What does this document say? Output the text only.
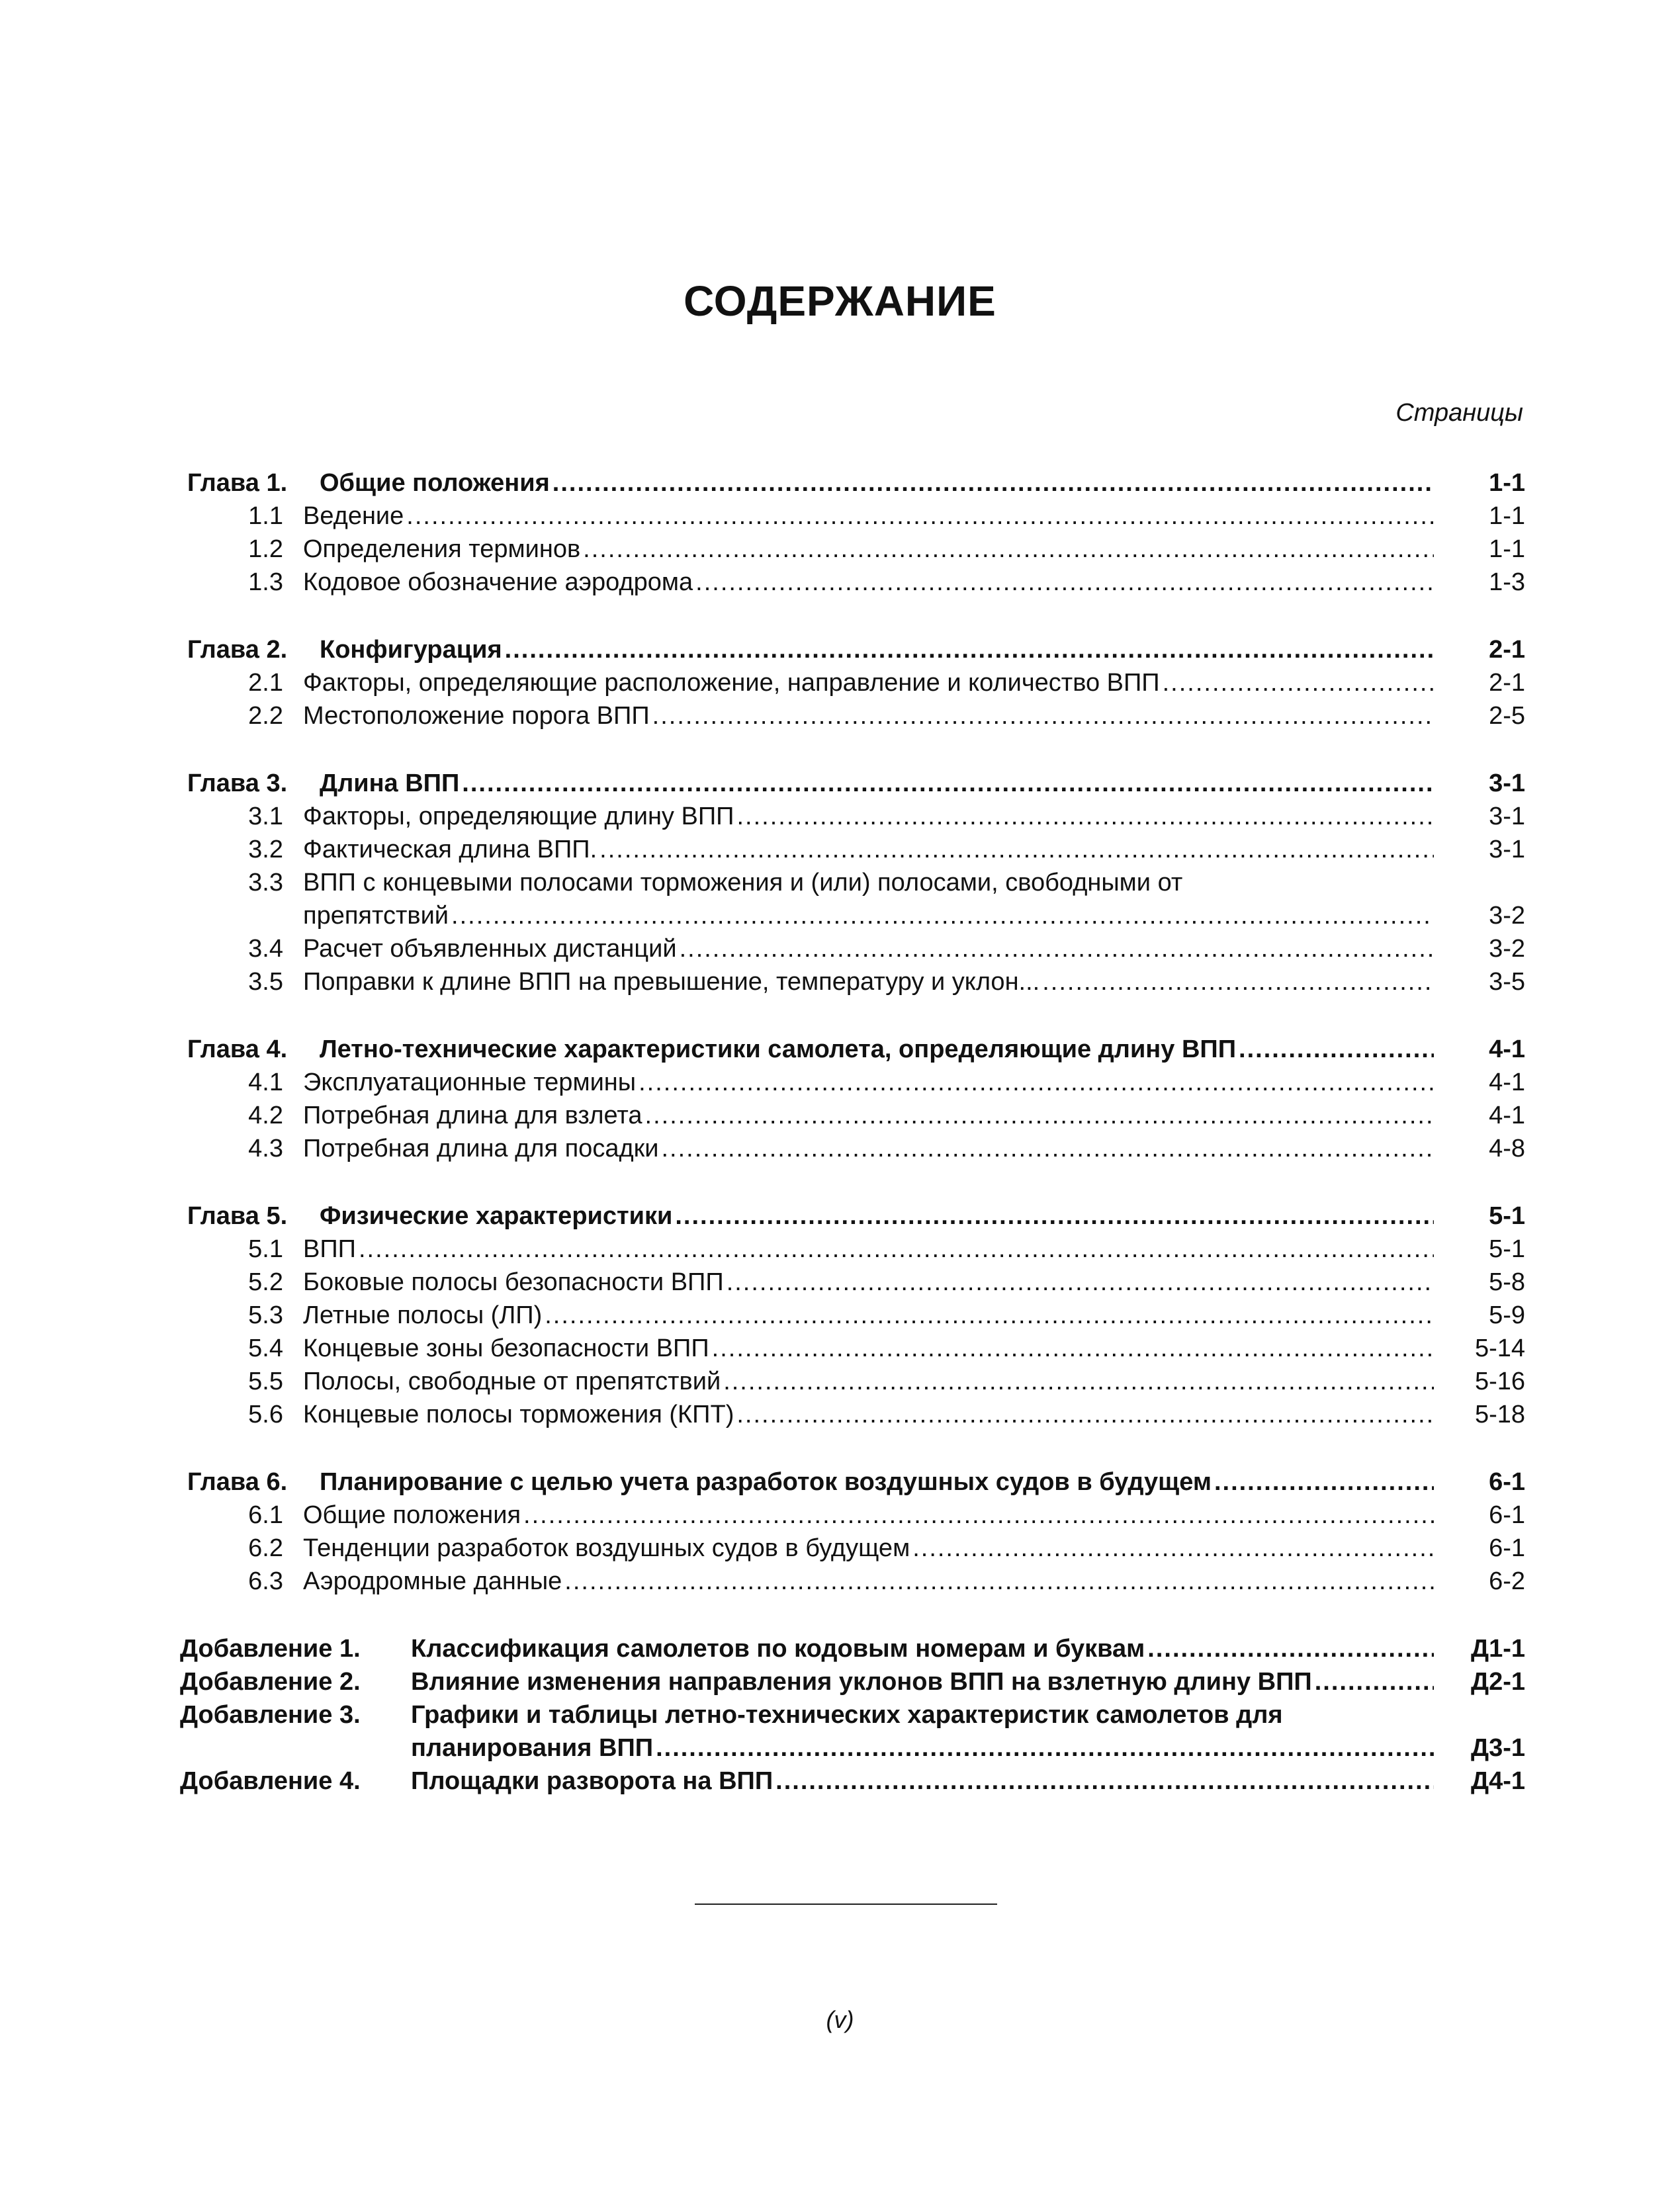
СОДЕРЖАНИЕ
Страницы
Глава 1.	Общие положения .....	1-1
1.1 Ведение .....	1-1
1.2 Определения терминов .....	1-1
1.3 Кодовое обозначение аэродрома .....	1-3
Глава 2.	Конфигурация .....	2-1
2.1 Факторы, определяющие расположение, направление и количество ВПП .....	2-1
2.2 Местоположение порога ВПП .....	2-5
Глава 3.	Длина ВПП .....	3-1
3.1 Факторы, определяющие длину ВПП .....	3-1
3.2 Фактическая длина ВПП. .....	3-1
3.3 ВПП с концевыми полосами торможения и (или) полосами, свободными от
препятствий .....	3-2
3.4 Расчет объявленных дистанций .....	3-2
3.5 Поправки к длине ВПП на превышение, температуру и уклон... .....	3-5
Глава 4.	Летно-технические характеристики самолета, определяющие длину ВПП .....	4-1
4.1 Эксплуатационные термины .....	4-1
4.2 Потребная длина для взлета .....	4-1
4.3 Потребная длина для посадки .....	4-8
Глава 5.	Физические характеристики .....	5-1
5.1 ВПП .....	5-1
5.2 Боковые полосы безопасности ВПП .....	5-8
5.3 Летные полосы (ЛП) .....	5-9
5.4 Концевые зоны безопасности ВПП .....	5-14
5.5 Полосы, свободные от препятствий .....	5-16
5.6 Концевые полосы торможения (КПТ) .....	5-18
Глава 6.	Планирование с целью учета разработок воздушных судов в будущем .....	6-1
6.1 Общие положения .....	6-1
6.2 Тенденции разработок воздушных судов в будущем .....	6-1
6.3 Аэродромные данные .....	6-2
Добавление 1.	Классификация самолетов по кодовым номерам и буквам .....	Д1-1
Добавление 2.	Влияние изменения направления уклонов ВПП на взлетную длину ВПП .....	Д2-1
Добавление 3.	Графики и таблицы летно-технических характеристик самолетов для
планирования ВПП .....	Д3-1
Добавление 4.	Площадки разворота на ВПП .....	Д4-1
(v)
